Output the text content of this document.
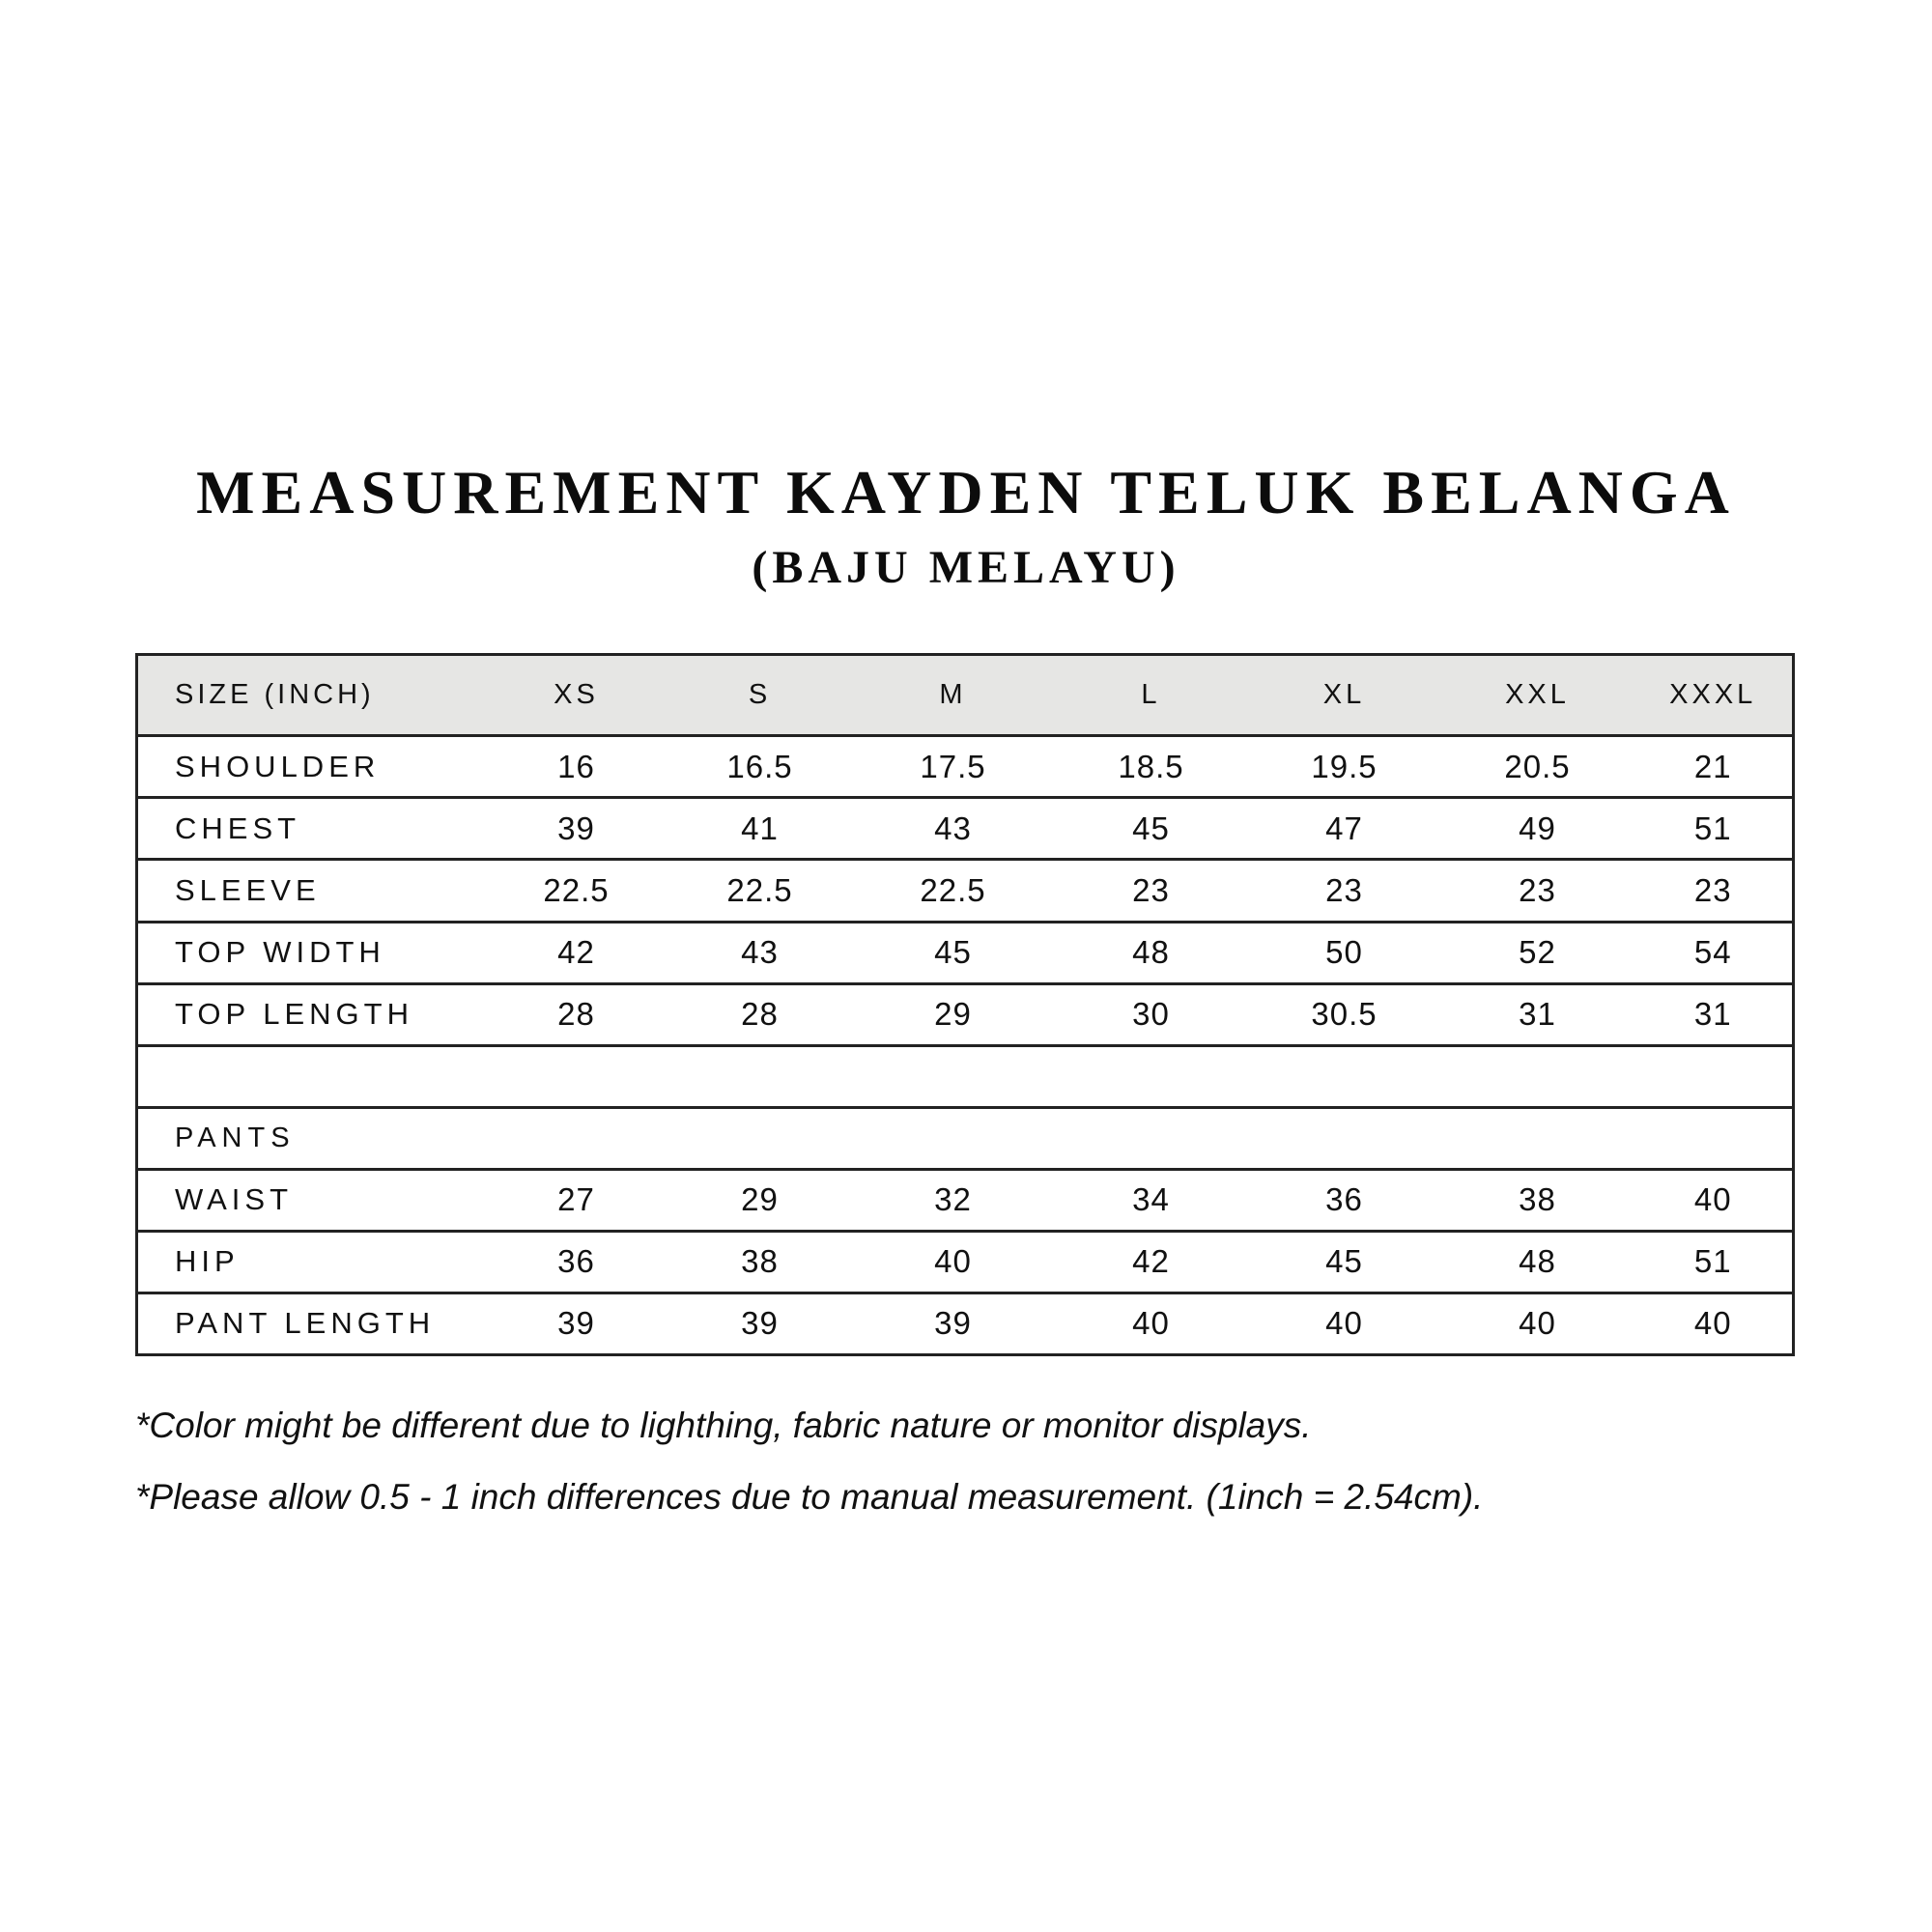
MEASUREMENT KAYDEN TELUK BELANGA
(BAJU MELAYU)
SIZE (INCH)	XS	S	M	L	XL	XXL	XXXL
SHOULDER	16	16.5	17.5	18.5	19.5	20.5	21
CHEST	39	41	43	45	47	49	51
SLEEVE	22.5	22.5	22.5	23	23	23	23
TOP WIDTH	42	43	45	48	50	52	54
TOP LENGTH	28	28	29	30	30.5	31	31

PANTS							
WAIST	27	29	32	34	36	38	40
HIP	36	38	40	42	45	48	51
PANT LENGTH	39	39	39	40	40	40	40

*Color might be different due to lighthing, fabric nature or monitor displays.

*Please allow 0.5 - 1 inch differences due to manual measurement. (1inch = 2.54cm).
